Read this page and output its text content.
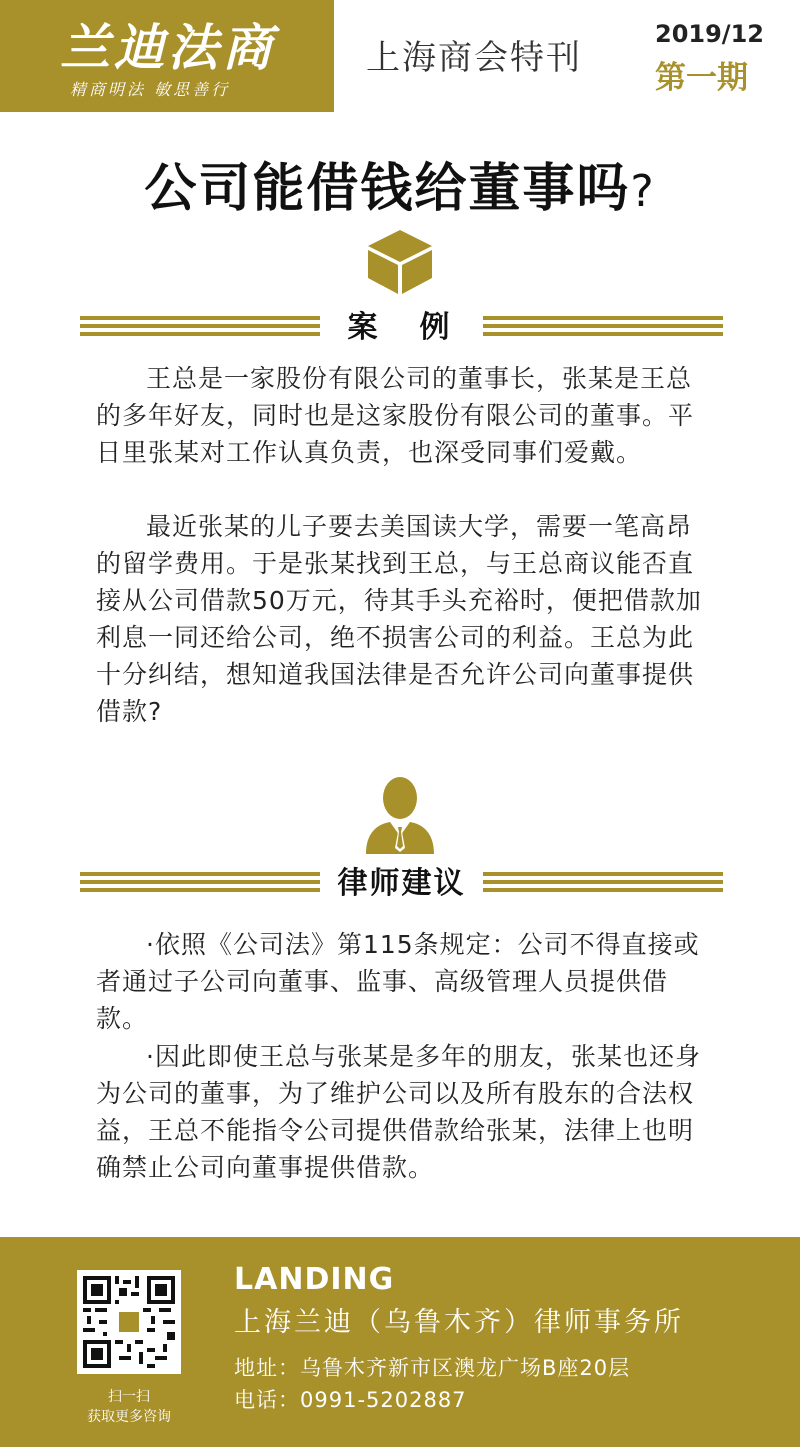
兰迪法商
精商明法 敏思善行
上海商会特刊
2019/12
第一期
公司能借钱给董事吗?
案　例
王总是一家股份有限公司的董事长，张某是王总的多年好友，同时也是这家股份有限公司的董事。平日里张某对工作认真负责，也深受同事们爱戴。
最近张某的儿子要去美国读大学，需要一笔高昂的留学费用。于是张某找到王总，与王总商议能否直接从公司借款50万元，待其手头充裕时，便把借款加利息一同还给公司，绝不损害公司的利益。王总为此十分纠结，想知道我国法律是否允许公司向董事提供借款?
律师建议
·依照《公司法》第115条规定：公司不得直接或者通过子公司向董事、监事、高级管理人员提供借款。
·因此即使王总与张某是多年的朋友，张某也还身为公司的董事，为了维护公司以及所有股东的合法权益，王总不能指令公司提供借款给张某，法律上也明确禁止公司向董事提供借款。
扫一扫
获取更多咨询
LANDING
上海兰迪（乌鲁木齐）律师事务所
地址：乌鲁木齐新市区澳龙广场B座20层
电话：0991-5202887
